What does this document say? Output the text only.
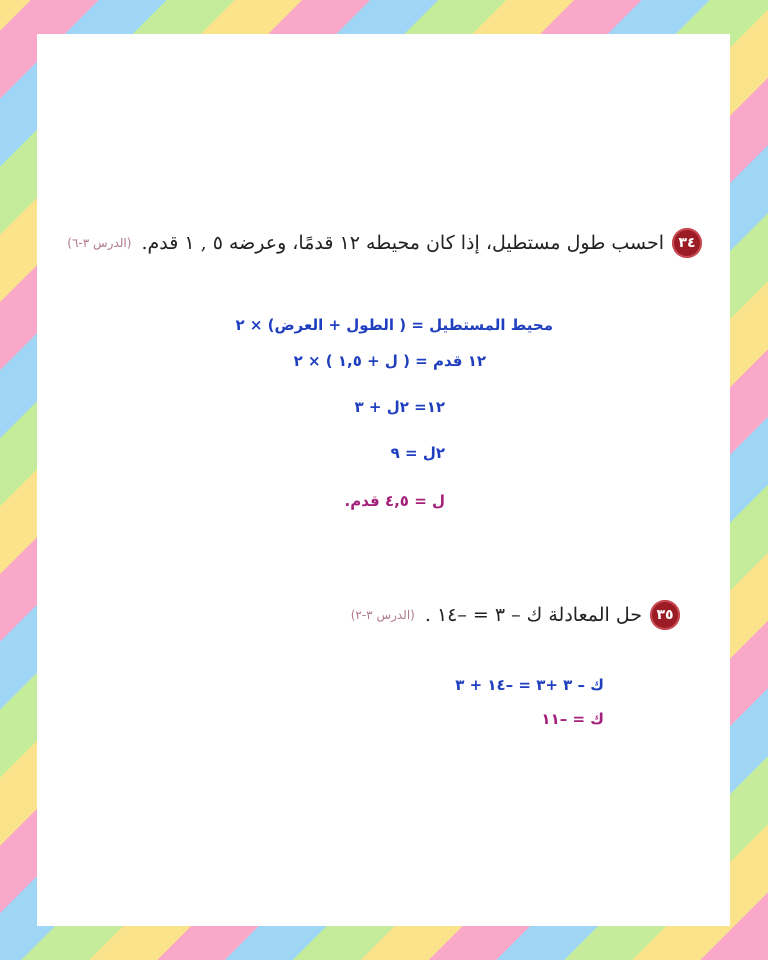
٣٤
احسب طول مستطيل، إذا كان محيطه ١٢ قدمًا، وعرضه ٥ , ١ قدم.
(الدرس ٣-٦)
محيط المستطيل = ( الطول + العرض) × ٢
١٢ قدم = ( ل + ١,٥ ) × ٢
١٢= ٢ل + ٣
٢ل = ٩
ل = ٤,٥ قدم.
٣٥
حل المعادلة ك – ٣ = –١٤ .
(الدرس ٣-٢)
ك – ٣ +٣ = –١٤ + ٣
ك = –١١
